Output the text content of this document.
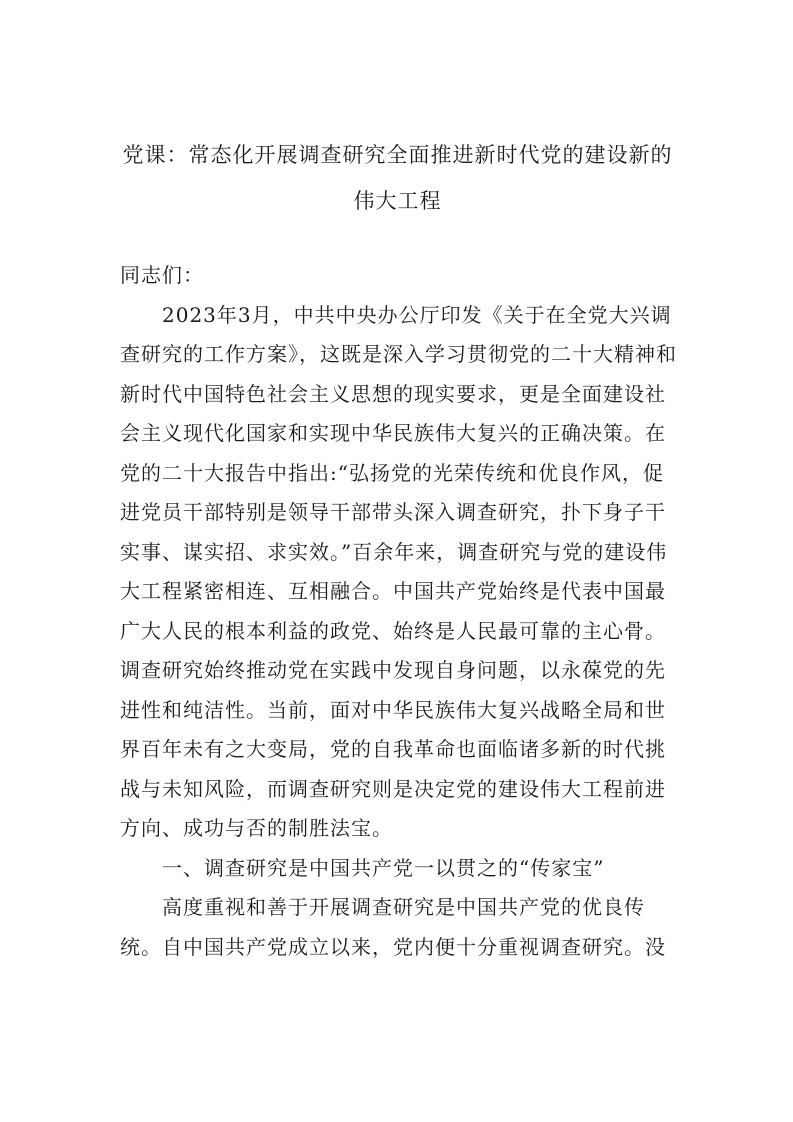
党课：常态化开展调查研究全面推进新时代党的建设新的伟大工程

同志们：

2023年3月，中共中央办公厅印发《关于在全党大兴调查研究的工作方案》，这既是深入学习贯彻党的二十大精神和新时代中国特色社会主义思想的现实要求，更是全面建设社会主义现代化国家和实现中华民族伟大复兴的正确决策。在党的二十大报告中指出:“弘扬党的光荣传统和优良作风，促进党员干部特别是领导干部带头深入调查研究，扑下身子干实事、谋实招、求实效。”百余年来，调查研究与党的建设伟大工程紧密相连、互相融合。中国共产党始终是代表中国最广大人民的根本利益的政党、始终是人民最可靠的主心骨。调查研究始终推动党在实践中发现自身问题，以永葆党的先进性和纯洁性。当前，面对中华民族伟大复兴战略全局和世界百年未有之大变局，党的自我革命也面临诸多新的时代挑战与未知风险，而调查研究则是决定党的建设伟大工程前进方向、成功与否的制胜法宝。

一、调查研究是中国共产党一以贯之的“传家宝”

高度重视和善于开展调查研究是中国共产党的优良传统。自中国共产党成立以来，党内便十分重视调查研究。没
